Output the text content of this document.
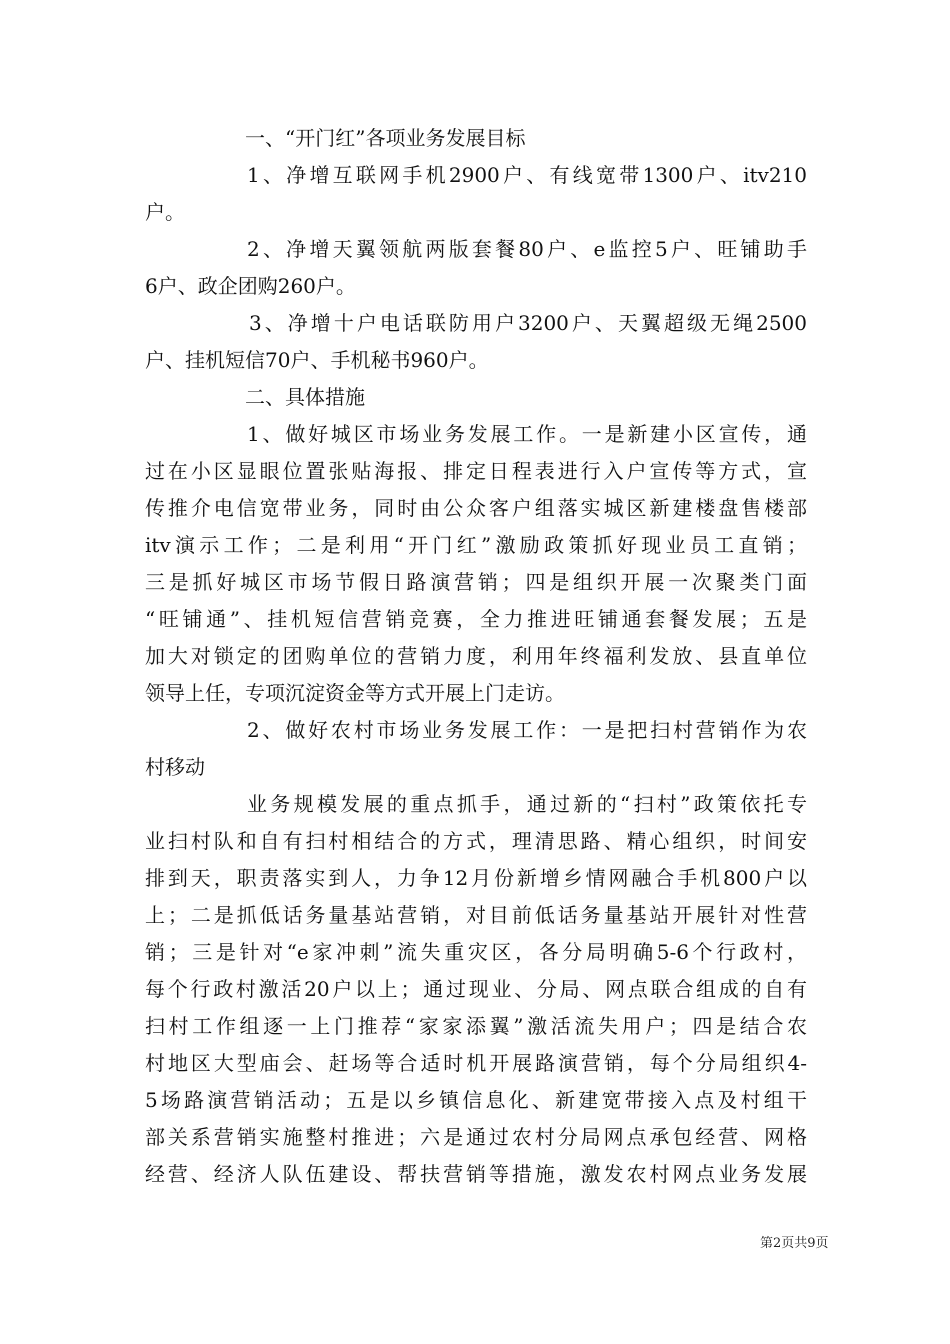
一、“开门红”各项业务发展目标
1、净增互联网手机2900户、有线宽带1300户、itv210
户。
2、净增天翼领航两版套餐80户、e监控5户、旺铺助手
6户、政企团购260户。
3、净增十户电话联防用户3200户、天翼超级无绳2500
户、挂机短信70户、手机秘书960户。
二、具体措施
1、做好城区市场业务发展工作。一是新建小区宣传，通
过在小区显眼位置张贴海报、排定日程表进行入户宣传等方式，宣
传推介电信宽带业务，同时由公众客户组落实城区新建楼盘售楼部
itv演示工作；二是利用“开门红”激励政策抓好现业员工直销；
三是抓好城区市场节假日路演营销；四是组织开展一次聚类门面
“旺铺通”、挂机短信营销竞赛，全力推进旺铺通套餐发展；五是
加大对锁定的团购单位的营销力度，利用年终福利发放、县直单位
领导上任，专项沉淀资金等方式开展上门走访。
2、做好农村市场业务发展工作：一是把扫村营销作为农
村移动
业务规模发展的重点抓手，通过新的“扫村”政策依托专
业扫村队和自有扫村相结合的方式，理清思路、精心组织，时间安
排到天，职责落实到人，力争12月份新增乡情网融合手机800户以
上；二是抓低话务量基站营销，对目前低话务量基站开展针对性营
销；三是针对“e家冲刺”流失重灾区，各分局明确5-6个行政村，
每个行政村激活20户以上；通过现业、分局、网点联合组成的自有
扫村工作组逐一上门推荐“家家添翼”激活流失用户；四是结合农
村地区大型庙会、赶场等合适时机开展路演营销，每个分局组织4-
5场路演营销活动；五是以乡镇信息化、新建宽带接入点及村组干
部关系营销实施整村推进；六是通过农村分局网点承包经营、网格
经营、经济人队伍建设、帮扶营销等措施，激发农村网点业务发展
第2页共9页
